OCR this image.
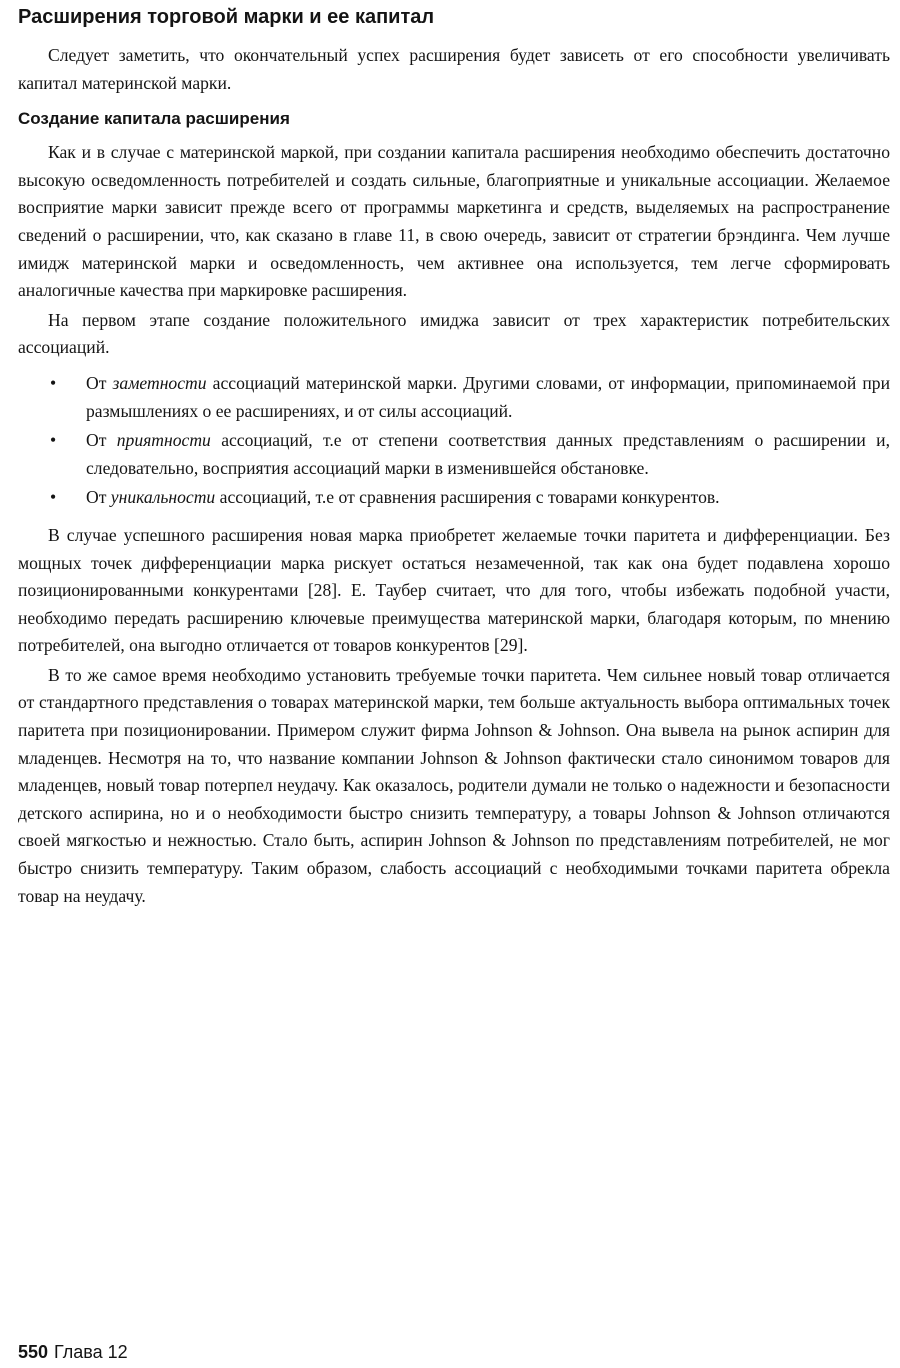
Расширения торговой марки и ее капитал

Следует заметить, что окончательный успех расширения будет зависеть от его способности увеличивать капитал материнской марки.

Создание капитала расширения

Как и в случае с материнской маркой, при создании капитала расширения необходимо обеспечить достаточно высокую осведомленность потребителей и создать сильные, благоприятные и уникальные ассоциации. Желаемое восприятие марки зависит прежде всего от программы маркетинга и средств, выделяемых на распространение сведений о расширении, что, как сказано в главе 11, в свою очередь, зависит от стратегии брэндинга. Чем лучше имидж материнской марки и осведомленность, чем активнее она используется, тем легче сформировать аналогичные качества при маркировке расширения.

На первом этапе создание положительного имиджа зависит от трех характеристик потребительских ассоциаций.

• От заметности ассоциаций материнской марки. Другими словами, от информации, припоминаемой при размышлениях о ее расширениях, и от силы ассоциаций.
• От приятности ассоциаций, т.е от степени соответствия данных представлениям о расширении и, следовательно, восприятия ассоциаций марки в изменившейся обстановке.
• От уникальности ассоциаций, т.е от сравнения расширения с товарами конкурентов.

В случае успешного расширения новая марка приобретет желаемые точки паритета и дифференциации. Без мощных точек дифференциации марка рискует остаться незамеченной, так как она будет подавлена хорошо позиционированными конкурентами [28]. Е. Таубер считает, что для того, чтобы избежать подобной участи, необходимо передать расширению ключевые преимущества материнской марки, благодаря которым, по мнению потребителей, она выгодно отличается от товаров конкурентов [29].

В то же самое время необходимо установить требуемые точки паритета. Чем сильнее новый товар отличается от стандартного представления о товарах материнской марки, тем больше актуальность выбора оптимальных точек паритета при позиционировании. Примером служит фирма Johnson & Johnson. Она вывела на рынок аспирин для младенцев. Несмотря на то, что название компании Johnson & Johnson фактически стало синонимом товаров для младенцев, новый товар потерпел неудачу. Как оказалось, родители думали не только о надежности и безопасности детского аспирина, но и о необходимости быстро снизить температуру, а товары Johnson & Johnson отличаются своей мягкостью и нежностью. Стало быть, аспирин Johnson & Johnson по представлениям потребителей, не мог быстро снизить температуру. Таким образом, слабость ассоциаций с необходимыми точками паритета обрекла товар на неудачу.

550 Глава 12
